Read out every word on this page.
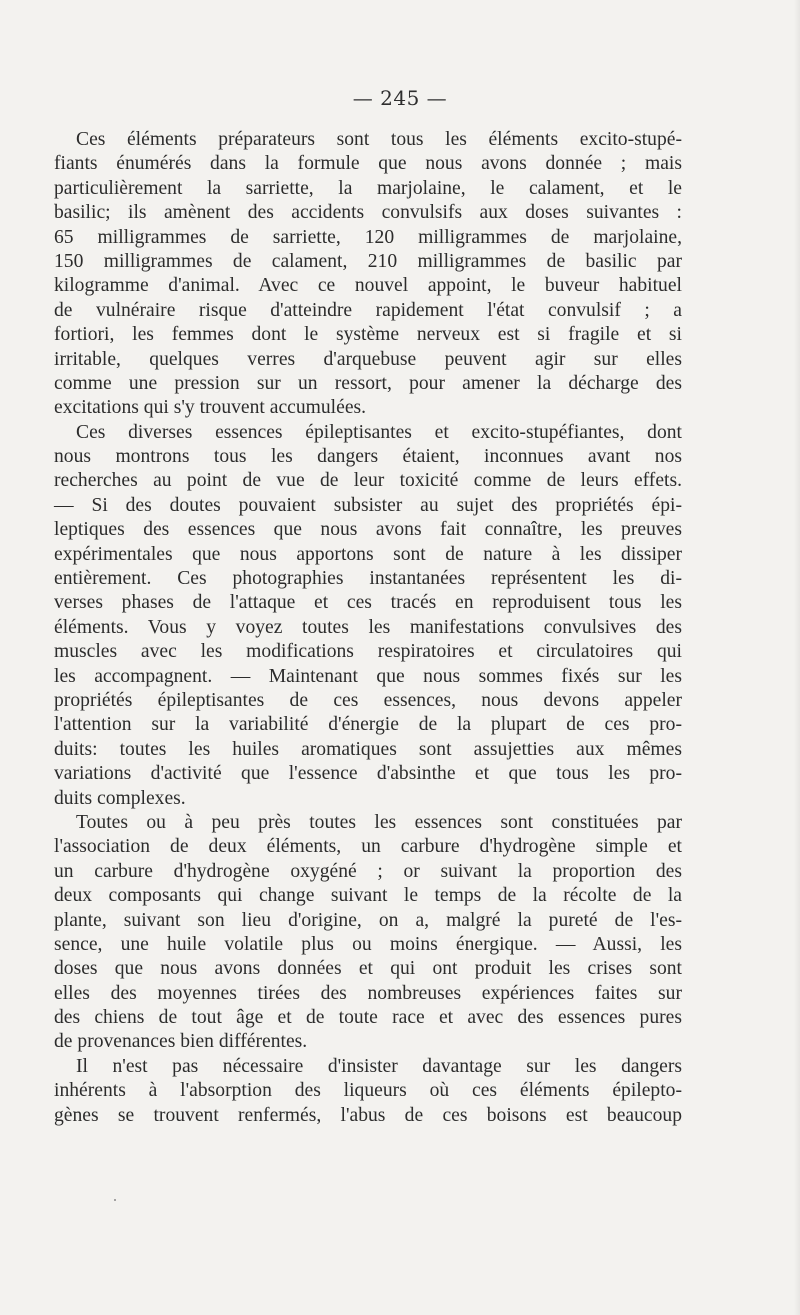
— 245 —
Ces éléments préparateurs sont tous les éléments excito-stupé-
fiants énumérés dans la formule que nous avons donnée ; mais
particulièrement la sarriette, la marjolaine, le calament, et le
basilic; ils amènent des accidents convulsifs aux doses suivantes :
65 milligrammes de sarriette, 120 milligrammes de marjolaine,
150 milligrammes de calament, 210 milligrammes de basilic par
kilogramme d'animal. Avec ce nouvel appoint, le buveur habituel
de vulnéraire risque d'atteindre rapidement l'état convulsif ; a
fortiori, les femmes dont le système nerveux est si fragile et si
irritable, quelques verres d'arquebuse peuvent agir sur elles
comme une pression sur un ressort, pour amener la décharge des
excitations qui s'y trouvent accumulées.
Ces diverses essences épileptisantes et excito-stupéfiantes, dont
nous montrons tous les dangers étaient, inconnues avant nos
recherches au point de vue de leur toxicité comme de leurs effets.
— Si des doutes pouvaient subsister au sujet des propriétés épi-
leptiques des essences que nous avons fait connaître, les preuves
expérimentales que nous apportons sont de nature à les dissiper
entièrement. Ces photographies instantanées représentent les di-
verses phases de l'attaque et ces tracés en reproduisent tous les
éléments. Vous y voyez toutes les manifestations convulsives des
muscles avec les modifications respiratoires et circulatoires qui
les accompagnent. — Maintenant que nous sommes fixés sur les
propriétés épileptisantes de ces essences, nous devons appeler
l'attention sur la variabilité d'énergie de la plupart de ces pro-
duits: toutes les huiles aromatiques sont assujetties aux mêmes
variations d'activité que l'essence d'absinthe et que tous les pro-
duits complexes.
Toutes ou à peu près toutes les essences sont constituées par
l'association de deux éléments, un carbure d'hydrogène simple et
un carbure d'hydrogène oxygéné ; or suivant la proportion des
deux composants qui change suivant le temps de la récolte de la
plante, suivant son lieu d'origine, on a, malgré la pureté de l'es-
sence, une huile volatile plus ou moins énergique. — Aussi, les
doses que nous avons données et qui ont produit les crises sont
elles des moyennes tirées des nombreuses expériences faites sur
des chiens de tout âge et de toute race et avec des essences pures
de provenances bien différentes.
Il n'est pas nécessaire d'insister davantage sur les dangers
inhérents à l'absorption des liqueurs où ces éléments épilepto-
gènes se trouvent renfermés, l'abus de ces boisons est beaucoup
